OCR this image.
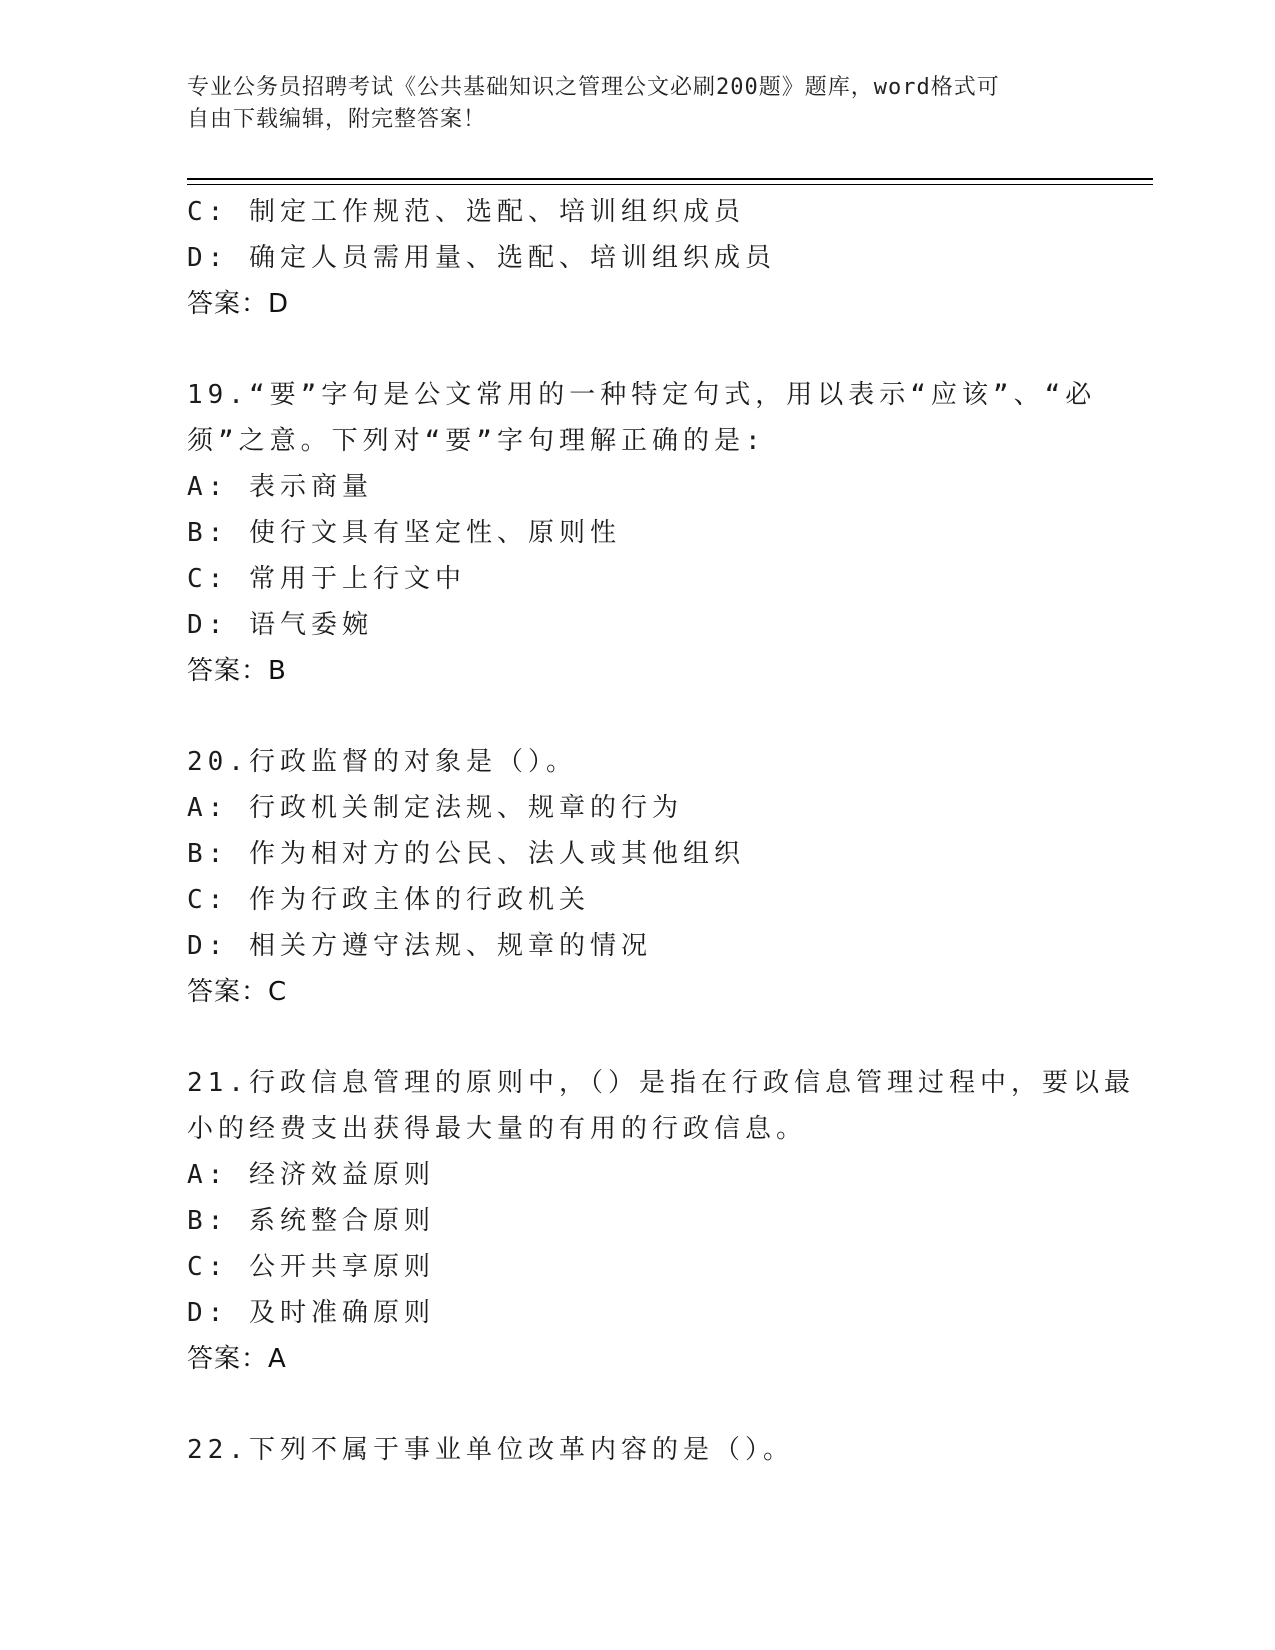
专业公务员招聘考试《公共基础知识之管理公文必刷200题》题库，word格式可
自由下载编辑，附完整答案！
C: 制定工作规范、选配、培训组织成员
D: 确定人员需用量、选配、培训组织成员
答案：D
19.“要”字句是公文常用的一种特定句式，用以表示“应该”、“必
须”之意。下列对“要”字句理解正确的是:
A: 表示商量
B: 使行文具有坚定性、原则性
C: 常用于上行文中
D: 语气委婉
答案：B
20.行政监督的对象是（）。
A: 行政机关制定法规、规章的行为
B: 作为相对方的公民、法人或其他组织
C: 作为行政主体的行政机关
D: 相关方遵守法规、规章的情况
答案：C
21.行政信息管理的原则中，（）是指在行政信息管理过程中，要以最
小的经费支出获得最大量的有用的行政信息。
A: 经济效益原则
B: 系统整合原则
C: 公开共享原则
D: 及时准确原则
答案：A
22.下列不属于事业单位改革内容的是（）。
